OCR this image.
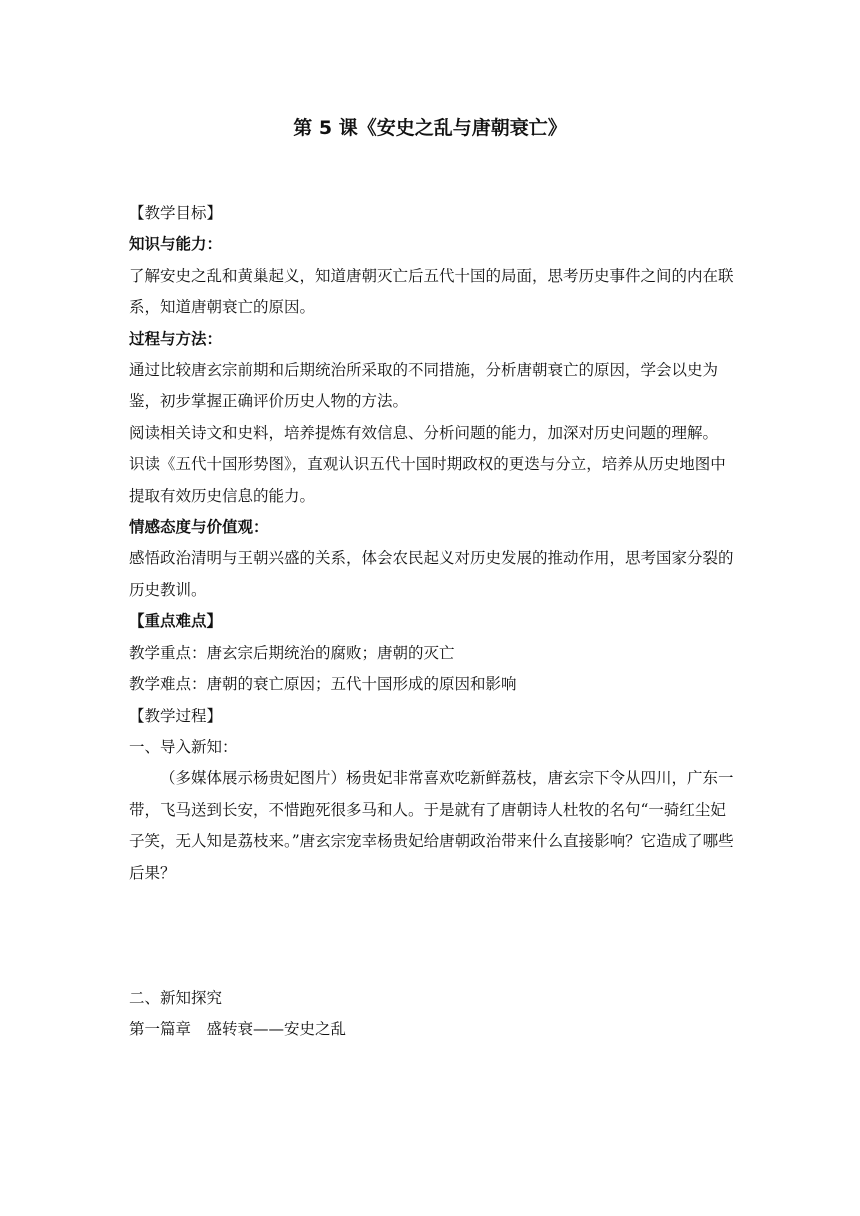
第 5 课《安史之乱与唐朝衰亡》

【教学目标】

知识与能力：

了解安史之乱和黄巢起义，知道唐朝灭亡后五代十国的局面，思考历史事件之间的内在联系，知道唐朝衰亡的原因。

过程与方法：

通过比较唐玄宗前期和后期统治所采取的不同措施，分析唐朝衰亡的原因，学会以史为鉴，初步掌握正确评价历史人物的方法。

阅读相关诗文和史料，培养提炼有效信息、分析问题的能力，加深对历史问题的理解。

识读《五代十国形势图》，直观认识五代十国时期政权的更迭与分立，培养从历史地图中提取有效历史信息的能力。

情感态度与价值观：

感悟政治清明与王朝兴盛的关系，体会农民起义对历史发展的推动作用，思考国家分裂的历史教训。

【重点难点】

教学重点：唐玄宗后期统治的腐败；唐朝的灭亡

教学难点：唐朝的衰亡原因；五代十国形成的原因和影响

【教学过程】

一、导入新知：

（多媒体展示杨贵妃图片）杨贵妃非常喜欢吃新鲜荔枝，唐玄宗下令从四川，广东一带，飞马送到长安，不惜跑死很多马和人。于是就有了唐朝诗人杜牧的名句“一骑红尘妃子笑，无人知是荔枝来。”唐玄宗宠幸杨贵妃给唐朝政治带来什么直接影响？它造成了哪些后果？

二、新知探究

第一篇章　盛转衰——安史之乱
